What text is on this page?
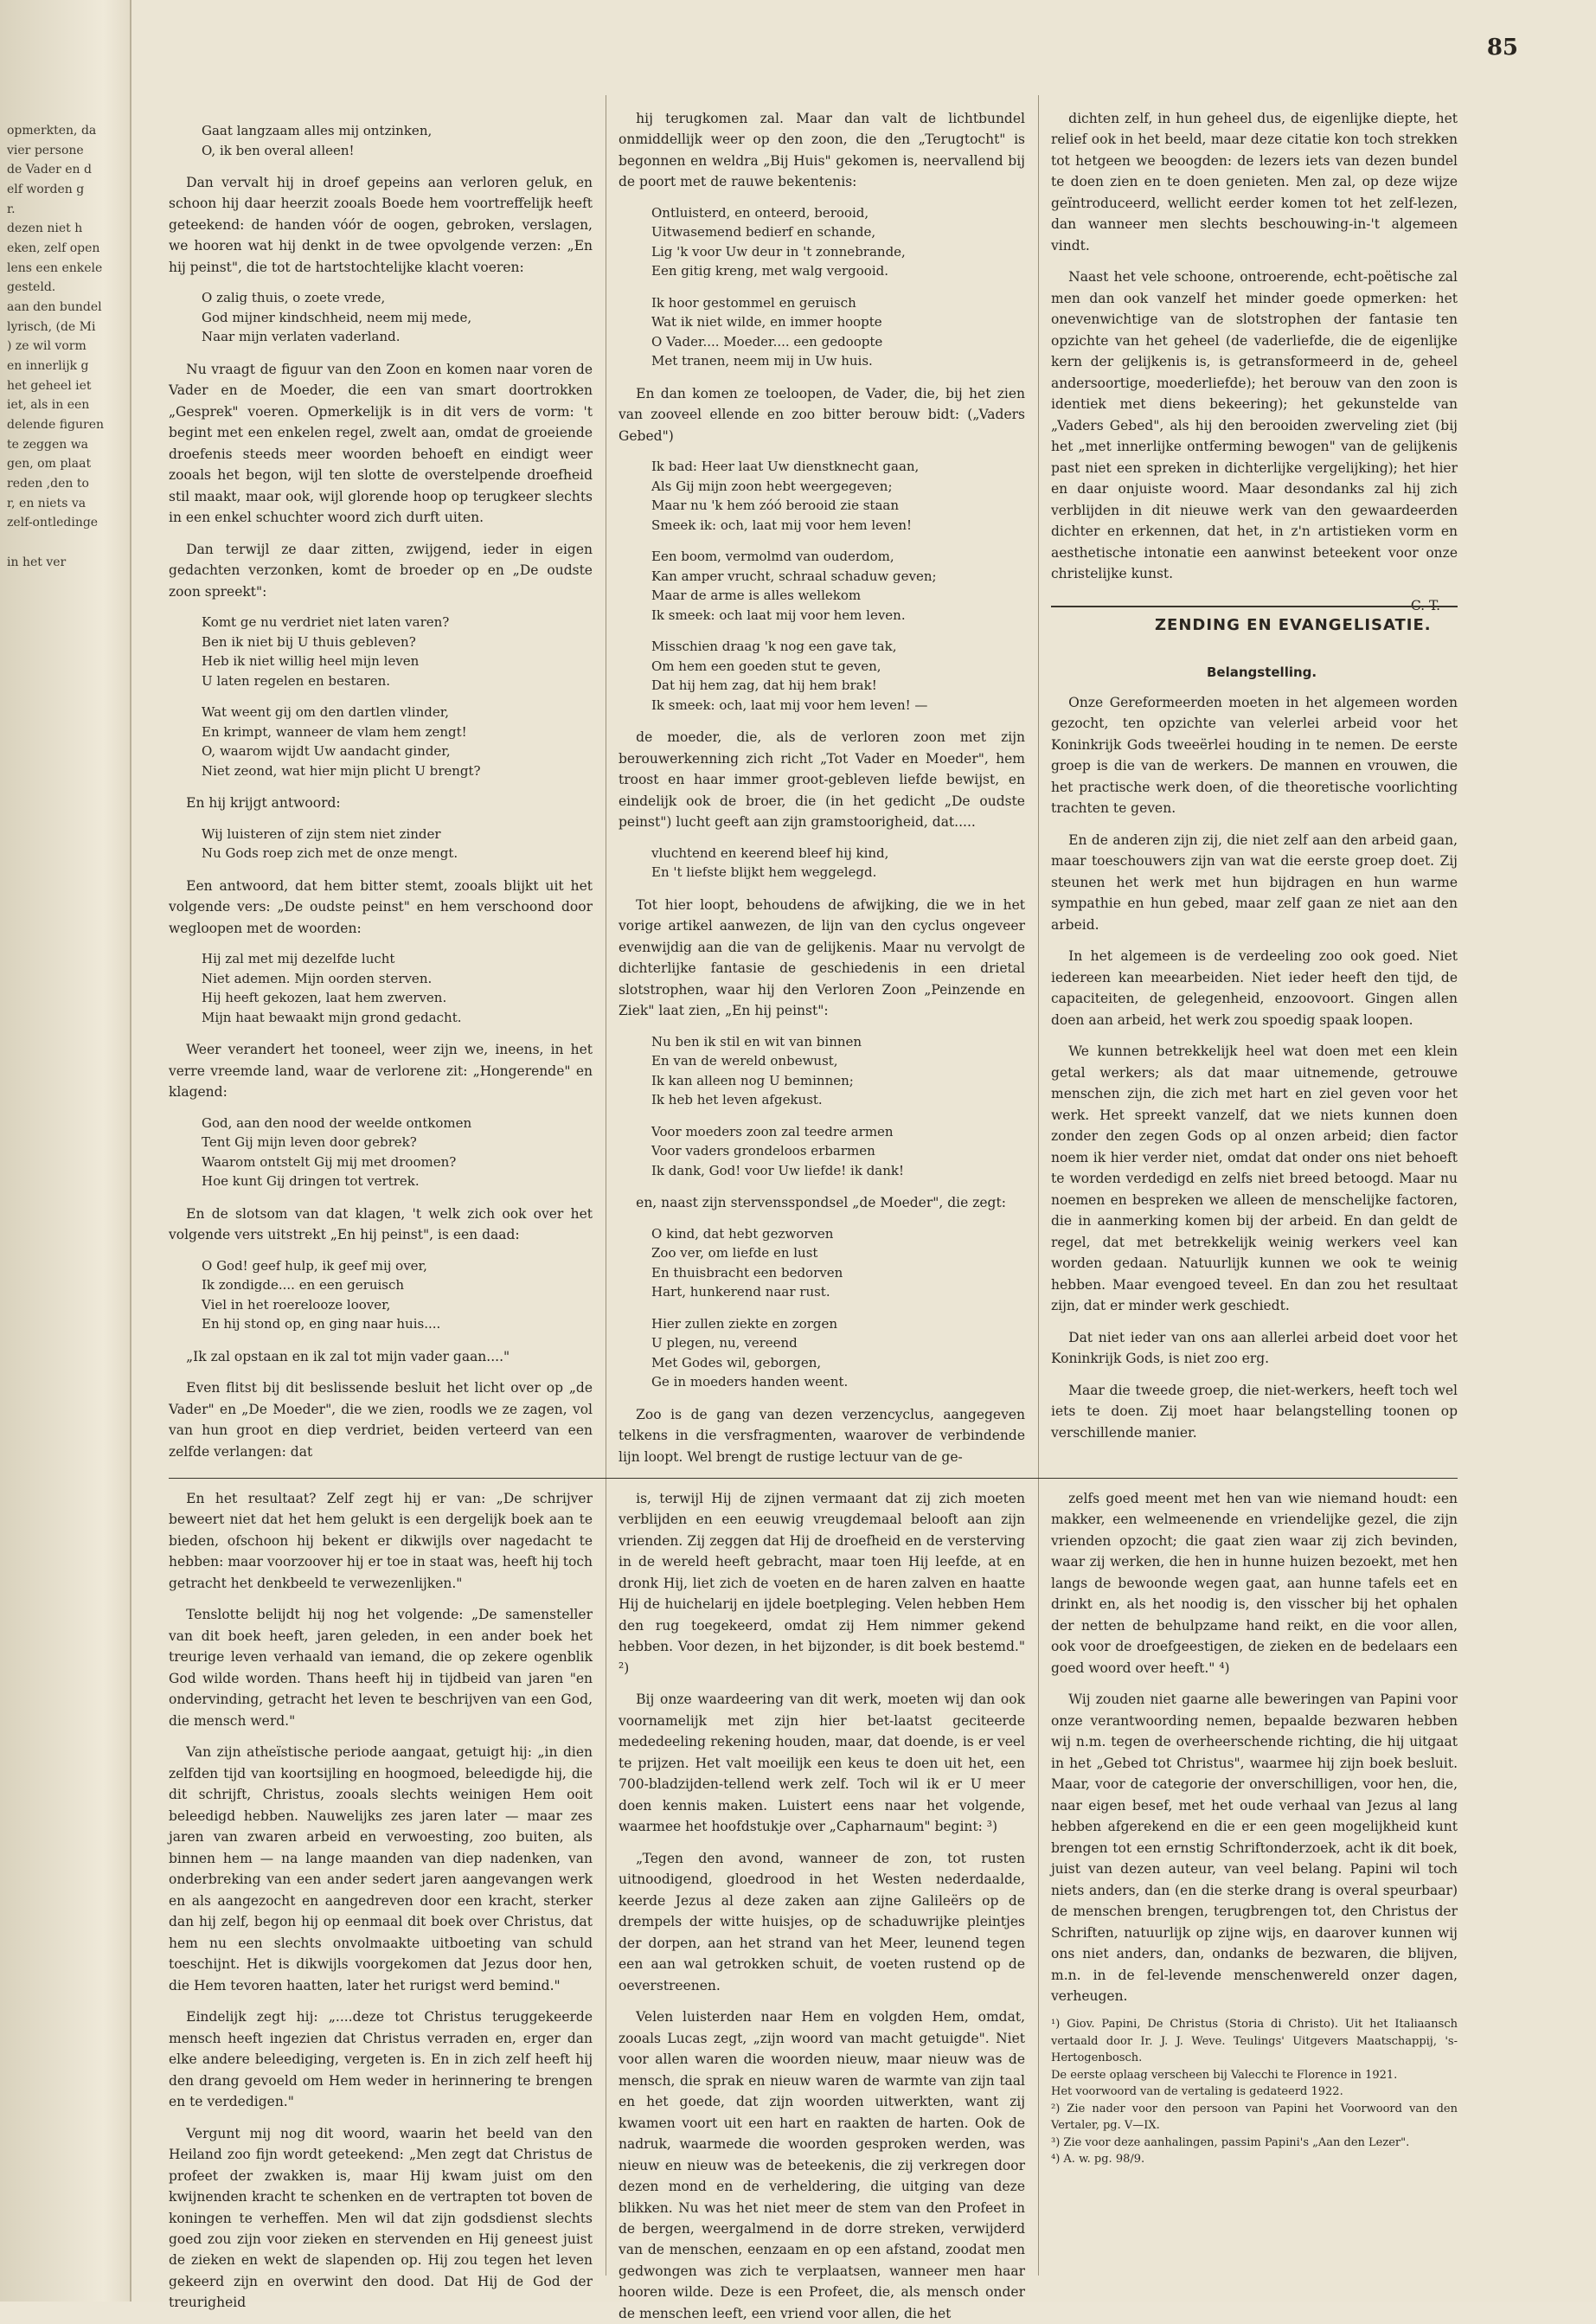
opmerkten, da
vier persone
de Vader en d
elf worden g
r.
dezen niet h
eken, zelf open
lens een enkele
gesteld.
aan den bundel
lyrisch, (de Mi
) ze wil vorm
en innerlijk g
het geheel iet
iet, als in een
delende figuren
te zeggen wa
gen, om plaat
reden ,den to
r, en niets va
zelf-ontledinge

in het ver
85
Gaat langzaam alles mij ontzinken,
O, ik ben overal alleen!

Dan vervalt hij in droef gepeins aan verloren geluk, en schoon hij daar heerzit zooals Boede hem voortreffelijk heeft geteekend: de handen vóór de oogen, gebroken, verslagen, we hooren wat hij denkt in de twee opvolgende verzen: „En hij peinst", die tot de hartstochtelijke klacht voeren:

O zalig thuis, o zoete vrede,
God mijner kindschheid, neem mij mede,
Naar mijn verlaten vaderland.

Nu vraagt de figuur van den Zoon en komen naar voren de Vader en de Moeder, die een van smart doortrokken „Gesprek" voeren. Opmerkelijk is in dit vers de vorm: 't begint met een enkelen regel, zwelt aan, omdat de groeiende droefenis steeds meer woorden behoeft en eindigt weer zooals het begon, wijl ten slotte de overstelpende droefheid stil maakt, maar ook, wijl glorende hoop op terugkeer slechts in een enkel schuchter woord zich durft uiten.

Dan terwijl ze daar zitten, zwijgend, ieder in eigen gedachten verzonken, komt de broeder op en „De oudste zoon spreekt":

Komt ge nu verdriet niet laten varen?
Ben ik niet bij U thuis gebleven?
Heb ik niet willig heel mijn leven
U laten regelen en bestaren.
Wat weent gij om den dartlen vlinder,
En krimpt, wanneer de vlam hem zengt!
O, waarom wijdt Uw aandacht ginder,
Niet zeond, wat hier mijn plicht U brengt?

En hij krijgt antwoord:

Wij luisteren of zijn stem niet zinder
Nu Gods roep zich met de onze mengt.

Een antwoord, dat hem bitter stemt, zooals blijkt uit het volgende vers: „De oudste peinst" en hem verschoond door wegloopen met de woorden:

Hij zal met mij dezelfde lucht
Niet ademen. Mijn oorden sterven.
Hij heeft gekozen, laat hem zwerven.
Mijn haat bewaakt mijn grond gedacht.

Weer verandert het tooneel, weer zijn we, ineens, in het verre vreemde land, waar de verlorene zit: „Hongerende" en klagend:

God, aan den nood der weelde ontkomen
Tent Gij mijn leven door gebrek?
Waarom ontstelt Gij mij met droomen?
Hoe kunt Gij dringen tot vertrek.

En de slotsom van dat klagen, 't welk zich ook over het volgende vers uitstrekt „En hij peinst", is een daad:

O God! geef hulp, ik geef mij over,
Ik zondigde.... en een geruisch
Viel in het roerelooze loover,
En hij stond op, en ging naar huis....

„Ik zal opstaan en ik zal tot mijn vader gaan...."

Even flitst bij dit beslissende besluit het licht over op „de Vader" en „De Moeder", die we zien, roodls we ze zagen, vol van hun groot en diep verdriet, beiden verteerd van een zelfde verlangen: dat

hij terugkomen zal. Maar dan valt de lichtbundel onmiddellijk weer op den zoon, die den „Terugtocht" is begonnen en weldra „Bij Huis" gekomen is, neervallend bij de poort met de rauwe bekentenis:

Ontluisterd, en onteerd, berooid,
Uitwasemend bedierf en schande,
Lig 'k voor Uw deur in 't zonnebrande,
Een gitig kreng, met walg vergooid.
Ik hoor gestommel en geruisch
Wat ik niet wilde, en immer hoopte
O Vader.... Moeder.... een gedoopte
Met tranen, neem mij in Uw huis.

En dan komen ze toeloopen, de Vader, die, bij het zien van zooveel ellende en zoo bitter berouw bidt: („Vaders Gebed")

Ik bad: Heer laat Uw dienstknecht gaan,
Als Gij mijn zoon hebt weergegeven;
Maar nu 'k hem zóó berooid zie staan
Smeek ik: och, laat mij voor hem leven!
Een boom, vermolmd van ouderdom,
Kan amper vrucht, schraal schaduw geven;
Maar de arme is alles wellekom
Ik smeek: och laat mij voor hem leven.
Misschien draag 'k nog een gave tak,
Om hem een goeden stut te geven,
Dat hij hem zag, dat hij hem brak!
Ik smeek: och, laat mij voor hem leven! —

de moeder, die, als de verloren zoon met zijn berouwerkenning zich richt „Tot Vader en Moeder", hem troost en haar immer groot-gebleven liefde bewijst, en eindelijk ook de broer, die (in het gedicht „De oudste peinst") lucht geeft aan zijn gramstoorigheid, dat.....

vluchtend en keerend bleef hij kind,
En 't liefste blijkt hem weggelegd.

Tot hier loopt, behoudens de afwijking, die we in het vorige artikel aanwezen, de lijn van den cyclus ongeveer evenwijdig aan die van de gelijkenis. Maar nu vervolgt de dichterlijke fantasie de geschiedenis in een drietal slotstrophen, waar hij den Verloren Zoon „Peinzende en Ziek" laat zien, „En hij peinst":

Nu ben ik stil en wit van binnen
En van de wereld onbewust,
Ik kan alleen nog U beminnen;
Ik heb het leven afgekust.
Voor moeders zoon zal teedre armen
Voor vaders grondeloos erbarmen
Ik dank, God! voor Uw liefde! ik dank!

en, naast zijn stervensspondsel „de Moeder", die zegt:

O kind, dat hebt gezworven
Zoo ver, om liefde en lust
En thuisbracht een bedorven
Hart, hunkerend naar rust.
Hier zullen ziekte en zorgen
U plegen, nu, vereend
Met Godes wil, geborgen,
Ge in moeders handen weent.

Zoo is de gang van dezen verzencyclus, aangegeven telkens in die versfragmenten, waarover de verbindende lijn loopt. Wel brengt de rustige lectuur van de ge-

dichten zelf, in hun geheel dus, de eigenlijke diepte, het relief ook in het beeld, maar deze citatie kon toch strekken tot hetgeen we beoogden: de lezers iets van dezen bundel te doen zien en te doen genieten. Men zal, op deze wijze geïntroduceerd, wellicht eerder komen tot het zelf-lezen, dan wanneer men slechts beschouwing-in-'t algemeen vindt.

Naast het vele schoone, ontroerende, echt-poëtische zal men dan ook vanzelf het minder goede opmerken: het onevenwichtige van de slotstrophen der fantasie ten opzichte van het geheel (de vaderliefde, die de eigenlijke kern der gelijkenis is, is getransformeerd in de, geheel andersoortige, moederliefde); het berouw van den zoon is identiek met diens bekeering); het gekunstelde van „Vaders Gebed", als hij den berooiden zwerveling ziet (bij het „met innerlijke ontferming bewogen" van de gelijkenis past niet een spreken in dichterlijke vergelijking); het hier en daar onjuiste woord. Maar desondanks zal hij zich verblijden in dit nieuwe werk van den gewaardeerden dichter en erkennen, dat het, in z'n artistieken vorm en aesthetische intonatie een aanwinst beteekent voor onze christelijke kunst.

C. T.

ZENDING EN EVANGELISATIE.
Belangstelling.

Onze Gereformeerden moeten in het algemeen worden gezocht, ten opzichte van velerlei arbeid voor het Koninkrijk Gods tweeërlei houding in te nemen. De eerste groep is die van de werkers. De mannen en vrouwen, die het practische werk doen, of die theoretische voorlichting trachten te geven.

En de anderen zijn zij, die niet zelf aan den arbeid gaan, maar toeschouwers zijn van wat die eerste groep doet. Zij steunen het werk met hun bijdragen en hun warme sympathie en hun gebed, maar zelf gaan ze niet aan den arbeid.

In het algemeen is de verdeeling zoo ook goed. Niet iedereen kan meearbeiden. Niet ieder heeft den tijd, de capaciteiten, de gelegenheid, enzoovoort. Gingen allen doen aan arbeid, het werk zou spoedig spaak loopen.

We kunnen betrekkelijk heel wat doen met een klein getal werkers; als dat maar uitnemende, getrouwe menschen zijn, die zich met hart en ziel geven voor het werk. Het spreekt vanzelf, dat we niets kunnen doen zonder den zegen Gods op al onzen arbeid; dien factor noem ik hier verder niet, omdat dat onder ons niet behoeft te worden verdedigd en zelfs niet breed betoogd. Maar nu noemen en bespreken we alleen de menschelijke factoren, die in aanmerking komen bij der arbeid. En dan geldt de regel, dat met betrekkelijk weinig werkers veel kan worden gedaan. Natuurlijk kunnen we ook te weinig hebben. Maar evengoed teveel. En dan zou het resultaat zijn, dat er minder werk geschiedt.

Dat niet ieder van ons aan allerlei arbeid doet voor het Koninkrijk Gods, is niet zoo erg.

Maar die tweede groep, die niet-werkers, heeft toch wel iets te doen. Zij moet haar belangstelling toonen op verschillende manier.

En het resultaat? Zelf zegt hij er van: „De schrijver beweert niet dat het hem gelukt is een dergelijk boek aan te bieden, ofschoon hij bekent er dikwijls over nagedacht te hebben: maar voorzoover hij er toe in staat was, heeft hij toch getracht het denkbeeld te verwezenlijken."

Tenslotte belijdt hij nog het volgende: „De samensteller van dit boek heeft, jaren geleden, in een ander boek het treurige leven verhaald van iemand, die op zekere ogenblik God wilde worden. Thans heeft hij in tijdbeid van jaren "en ondervinding, getracht het leven te beschrijven van een God, die mensch werd."

Van zijn atheïstische periode aangaat, getuigt hij: „in dien zelfden tijd van koortsijling en hoogmoed, beleedigde hij, die dit schrijft, Christus, zooals slechts weinigen Hem ooit beleedigd hebben. Nauwelijks zes jaren later — maar zes jaren van zwaren arbeid en verwoesting, zoo buiten, als binnen hem — na lange maanden van diep nadenken, van onderbreking van een ander sedert jaren aangevangen werk en als aangezocht en aangedreven door een kracht, sterker dan hij zelf, begon hij op eenmaal dit boek over Christus, dat hem nu een slechts onvolmaakte uitboeting van schuld toeschijnt. Het is dikwijls voorgekomen dat Jezus door hen, die Hem tevoren haatten, later het rurigst werd bemind."

Eindelijk zegt hij: „....deze tot Christus teruggekeerde mensch heeft ingezien dat Christus verraden en, erger dan elke andere beleediging, vergeten is. En in zich zelf heeft hij den drang gevoeld om Hem weder in herinnering te brengen en te verdedigen."

Vergunt mij nog dit woord, waarin het beeld van den Heiland zoo fijn wordt geteekend: „Men zegt dat Christus de profeet der zwakken is, maar Hij kwam juist om den kwijnenden kracht te schenken en de vertrapten tot boven de koningen te verheffen. Men wil dat zijn godsdienst slechts goed zou zijn voor zieken en stervenden en Hij geneest juist de zieken en wekt de slapenden op. Hij zou tegen het leven gekeerd zijn en overwint den dood. Dat Hij de God der treurigheid

is, terwijl Hij de zijnen vermaant dat zij zich moeten verblijden en een eeuwig vreugdemaal belooft aan zijn vrienden. Zij zeggen dat Hij de droefheid en de versterving in de wereld heeft gebracht, maar toen Hij leefde, at en dronk Hij, liet zich de voeten en de haren zalven en haatte Hij de huichelarij en ijdele boetpleging. Velen hebben Hem den rug toegekeerd, omdat zij Hem nimmer gekend hebben. Voor dezen, in het bijzonder, is dit boek bestemd." ²)

Bij onze waardeering van dit werk, moeten wij dan ook voornamelijk met zijn hier bet-laatst geciteerde mededeeling rekening houden, maar, dat doende, is er veel te prijzen. Het valt moeilijk een keus te doen uit het, een 700-bladzijden-tellend werk zelf. Toch wil ik er U meer doen kennis maken. Luistert eens naar het volgende, waarmee het hoofdstukje over „Capharnaum" begint: ³)

„Tegen den avond, wanneer de zon, tot rusten uitnoodigend, gloedrood in het Westen nederdaalde, keerde Jezus al deze zaken aan zijne Galileërs op de drempels der witte huisjes, op de schaduwrijke pleintjes der dorpen, aan het strand van het Meer, leunend tegen een aan wal getrokken schuit, de voeten rustend op de oeverstreenen.

Velen luisterden naar Hem en volgden Hem, omdat, zooals Lucas zegt, „zijn woord van macht getuigde". Niet voor allen waren die woorden nieuw, maar nieuw was de mensch, die sprak en nieuw waren de warmte van zijn taal en het goede, dat zijn woorden uitwerkten, want zij kwamen voort uit een hart en raakten de harten. Ook de nadruk, waarmede die woorden gesproken werden, was nieuw en nieuw was de beteekenis, die zij verkregen door dezen mond en de verheldering, die uitging van deze blikken. Nu was het niet meer de stem van den Profeet in de bergen, weergalmend in de dorre streken, verwijderd van de menschen, eenzaam en op een afstand, zoodat men gedwongen was zich te verplaatsen, wanneer men haar hooren wilde. Deze is een Profeet, die, als mensch onder de menschen leeft, een vriend voor allen, die het

zelfs goed meent met hen van wie niemand houdt: een makker, een welmeenende en vriendelijke gezel, die zijn vrienden opzocht; die gaat zien waar zij zich bevinden, waar zij werken, die hen in hunne huizen bezoekt, met hen langs de bewoonde wegen gaat, aan hunne tafels eet en drinkt en, als het noodig is, den visscher bij het ophalen der netten de behulpzame hand reikt, en die voor allen, ook voor de droefgeestigen, de zieken en de bedelaars een goed woord over heeft." ⁴)

Wij zouden niet gaarne alle beweringen van Papini voor onze verantwoording nemen, bepaalde bezwaren hebben wij n.m. tegen de overheerschende richting, die hij uitgaat in het „Gebed tot Christus", waarmee hij zijn boek besluit. Maar, voor de categorie der onverschilligen, voor hen, die, naar eigen besef, met het oude verhaal van Jezus al lang hebben afgerekend en die er een geen mogelijkheid kunt brengen tot een ernstig Schriftonderzoek, acht ik dit boek, juist van dezen auteur, van veel belang. Papini wil toch niets anders, dan (en die sterke drang is overal speurbaar) de menschen brengen, terugbrengen tot, den Christus der Schriften, natuurlijk op zijne wijs, en daarover kunnen wij ons niet anders, dan, ondanks de bezwaren, die blijven, m.n. in de fel-levende menschenwereld onzer dagen, verheugen.

¹) Giov. Papini, De Christus (Storia di Christo). Uit het Italiaansch vertaald door Ir. J. J. Weve. Teulings' Uitgevers Maatschappij, 's-Hertogenbosch.
De eerste oplaag verscheen bij Valecchi te Florence in 1921.
Het voorwoord van de vertaling is gedateerd 1922.
²) Zie nader voor den persoon van Papini het Voorwoord van den Vertaler, pg. V—IX.
³) Zie voor deze aanhalingen, passim Papini's „Aan den Lezer".
⁴) A. w. pg. 98/9.
